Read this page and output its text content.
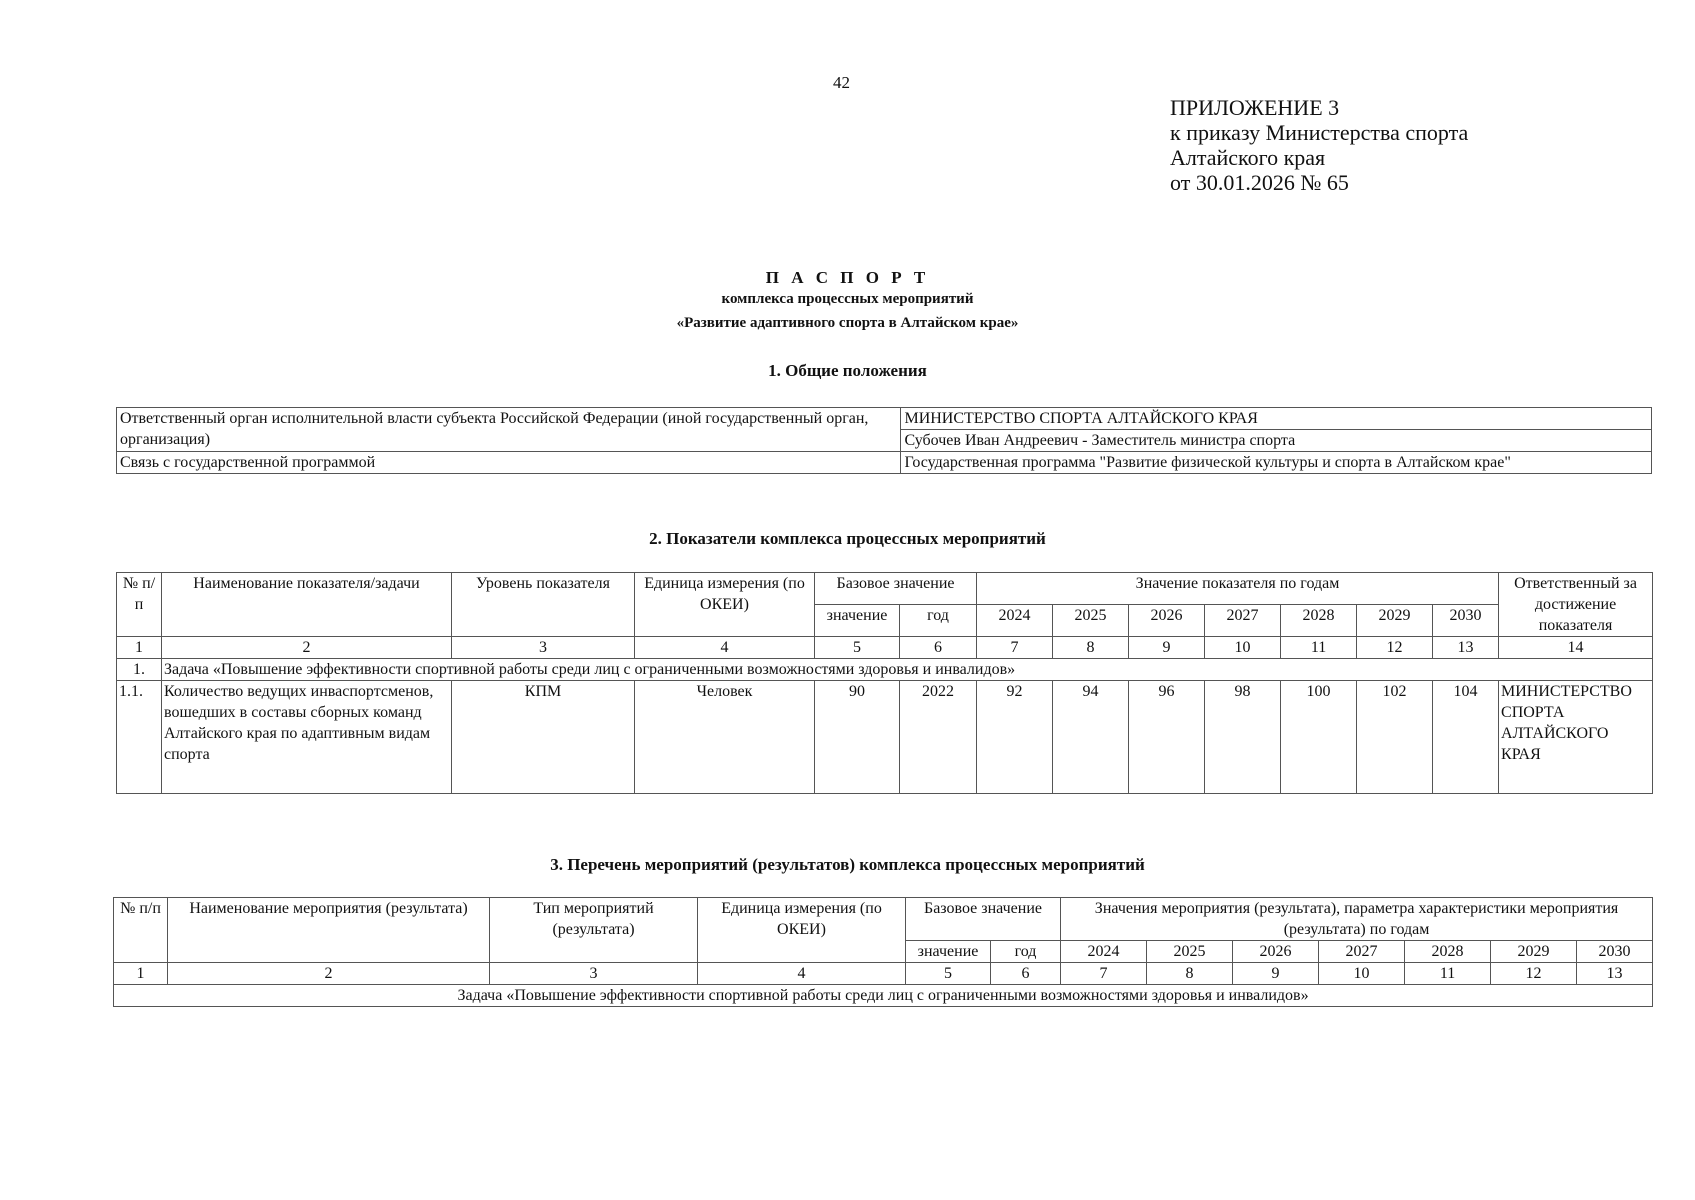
42
ПРИЛОЖЕНИЕ 3
к приказу Министерства спорта
Алтайского края
от 30.01.2026 № 65
П А С П О Р Т
комплекса процессных мероприятий
«Развитие адаптивного спорта в Алтайском крае»
1. Общие положения
Ответственный орган исполнительной власти субъекта Российской Федерации (иной государственный орган, организация)	МИНИСТЕРСТВО СПОРТА АЛТАЙСКОГО КРАЯ
	Субочев Иван Андреевич - Заместитель министра спорта
Связь с государственной программой	Государственная программа "Развитие физической культуры и спорта в Алтайском крае"
2. Показатели комплекса процессных мероприятий
№ п/п	Наименование показателя/задачи	Уровень показателя	Единица измерения (по ОКЕИ)	Базовое значение		Значение показателя по годам							Ответственный за достижение показателя
				значение	год	2024	2025	2026	2027	2028	2029	2030	
1	2	3	4	5	6	7	8	9	10	11	12	13	14
1.	Задача «Повышение эффективности спортивной работы среди лиц с ограниченными возможностями здоровья и инвалидов»												
1.1.	Количество ведущих инваспортсменов, вошедших в составы сборных команд Алтайского края по адаптивным видам спорта	КПМ	Человек	90	2022	92	94	96	98	100	102	104	МИНИСТЕРСТВО СПОРТА АЛТАЙСКОГО КРАЯ
3. Перечень мероприятий (результатов) комплекса процессных мероприятий
№ п/п	Наименование мероприятия (результата)	Тип мероприятий (результата)	Единица измерения (по ОКЕИ)	Базовое значение		Значения мероприятия (результата), параметра характеристики мероприятия (результата) по годам						
				значение	год	2024	2025	2026	2027	2028	2029	2030
1	2	3	4	5	6	7	8	9	10	11	12	13
Задача «Повышение эффективности спортивной работы среди лиц с ограниченными возможностями здоровья и инвалидов»												
